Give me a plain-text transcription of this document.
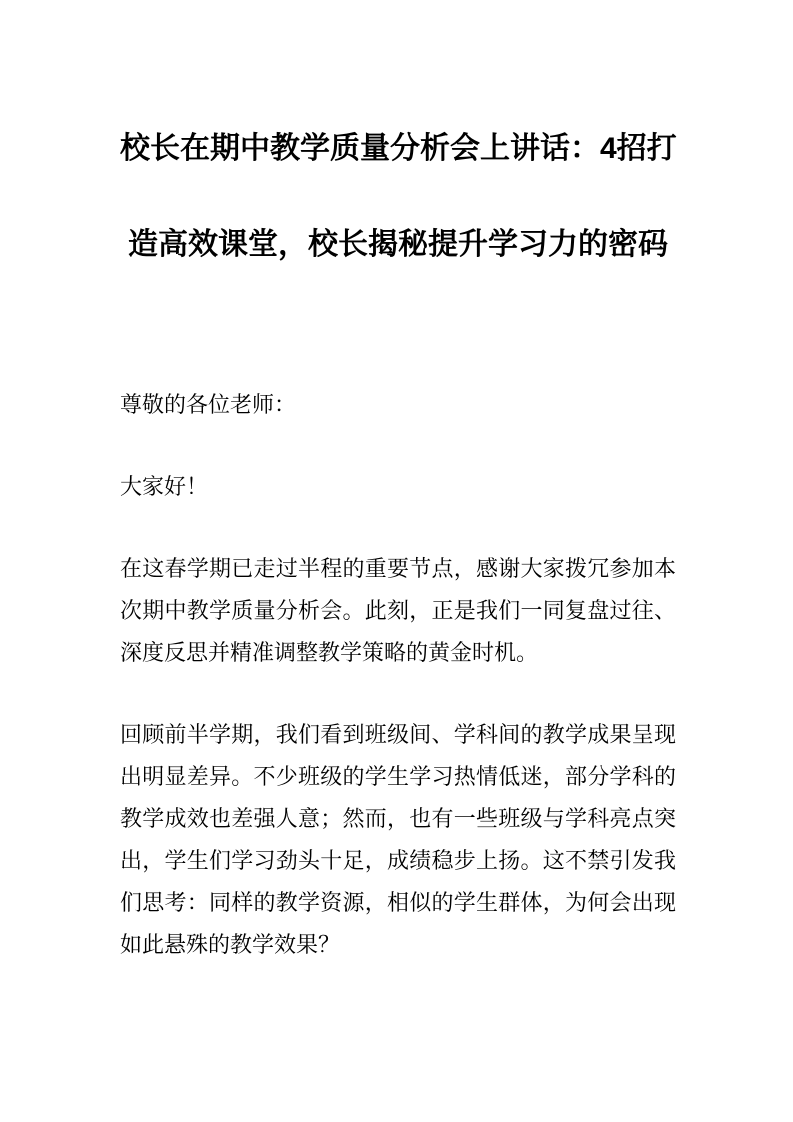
校长在期中教学质量分析会上讲话：4招打
造高效课堂，校长揭秘提升学习力的密码

尊敬的各位老师：

大家好！

在这春学期已走过半程的重要节点，感谢大家拨冗参加本次期中教学质量分析会。此刻，正是我们一同复盘过往、深度反思并精准调整教学策略的黄金时机。

回顾前半学期，我们看到班级间、学科间的教学成果呈现出明显差异。不少班级的学生学习热情低迷，部分学科的教学成效也差强人意；然而，也有一些班级与学科亮点突出，学生们学习劲头十足，成绩稳步上扬。这不禁引发我们思考：同样的教学资源，相似的学生群体，为何会出现如此悬殊的教学效果？
